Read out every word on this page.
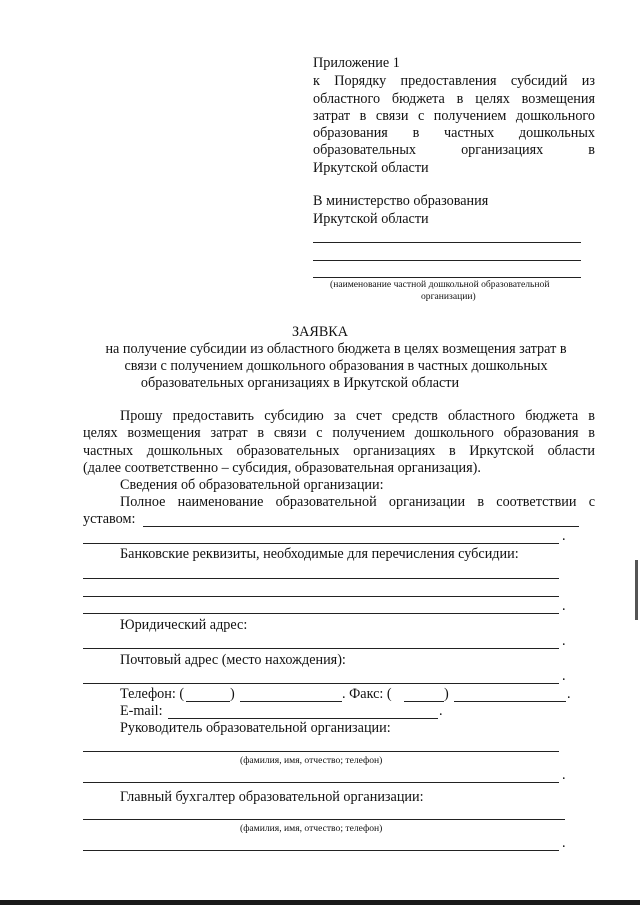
Приложение 1
к Порядку предоставления субсидий из
областного бюджета в целях возмещения
затрат в связи с получением дошкольного
образования в частных дошкольных
образовательных организациях в
Иркутской области
В министерство образования
Иркутской области
(наименование частной дошкольной образовательной
организации)
ЗАЯВКА
на получение субсидии из областного бюджета в целях возмещения затрат в
связи с получением дошкольного образования в частных дошкольных
образовательных организациях в Иркутской области
Прошу предоставить субсидию за счет средств областного бюджета в
целях возмещения затрат в связи с получением дошкольного образования в
частных дошкольных образовательных организациях в Иркутской области
(далее соответственно – субсидия, образовательная организация).
Сведения об образовательной организации:
Полное наименование образовательной организации в соответствии с
уставом:
.
Банковские реквизиты, необходимые для перечисления субсидии:
.
Юридический адрес:
.
Почтовый адрес (место нахождения):
.
Телефон: (	)	. Факс: (	)	.
E-mail:	.
Руководитель образовательной организации:
(фамилия, имя, отчество; телефон)
.
Главный бухгалтер образовательной организации:
(фамилия, имя, отчество; телефон)
.
